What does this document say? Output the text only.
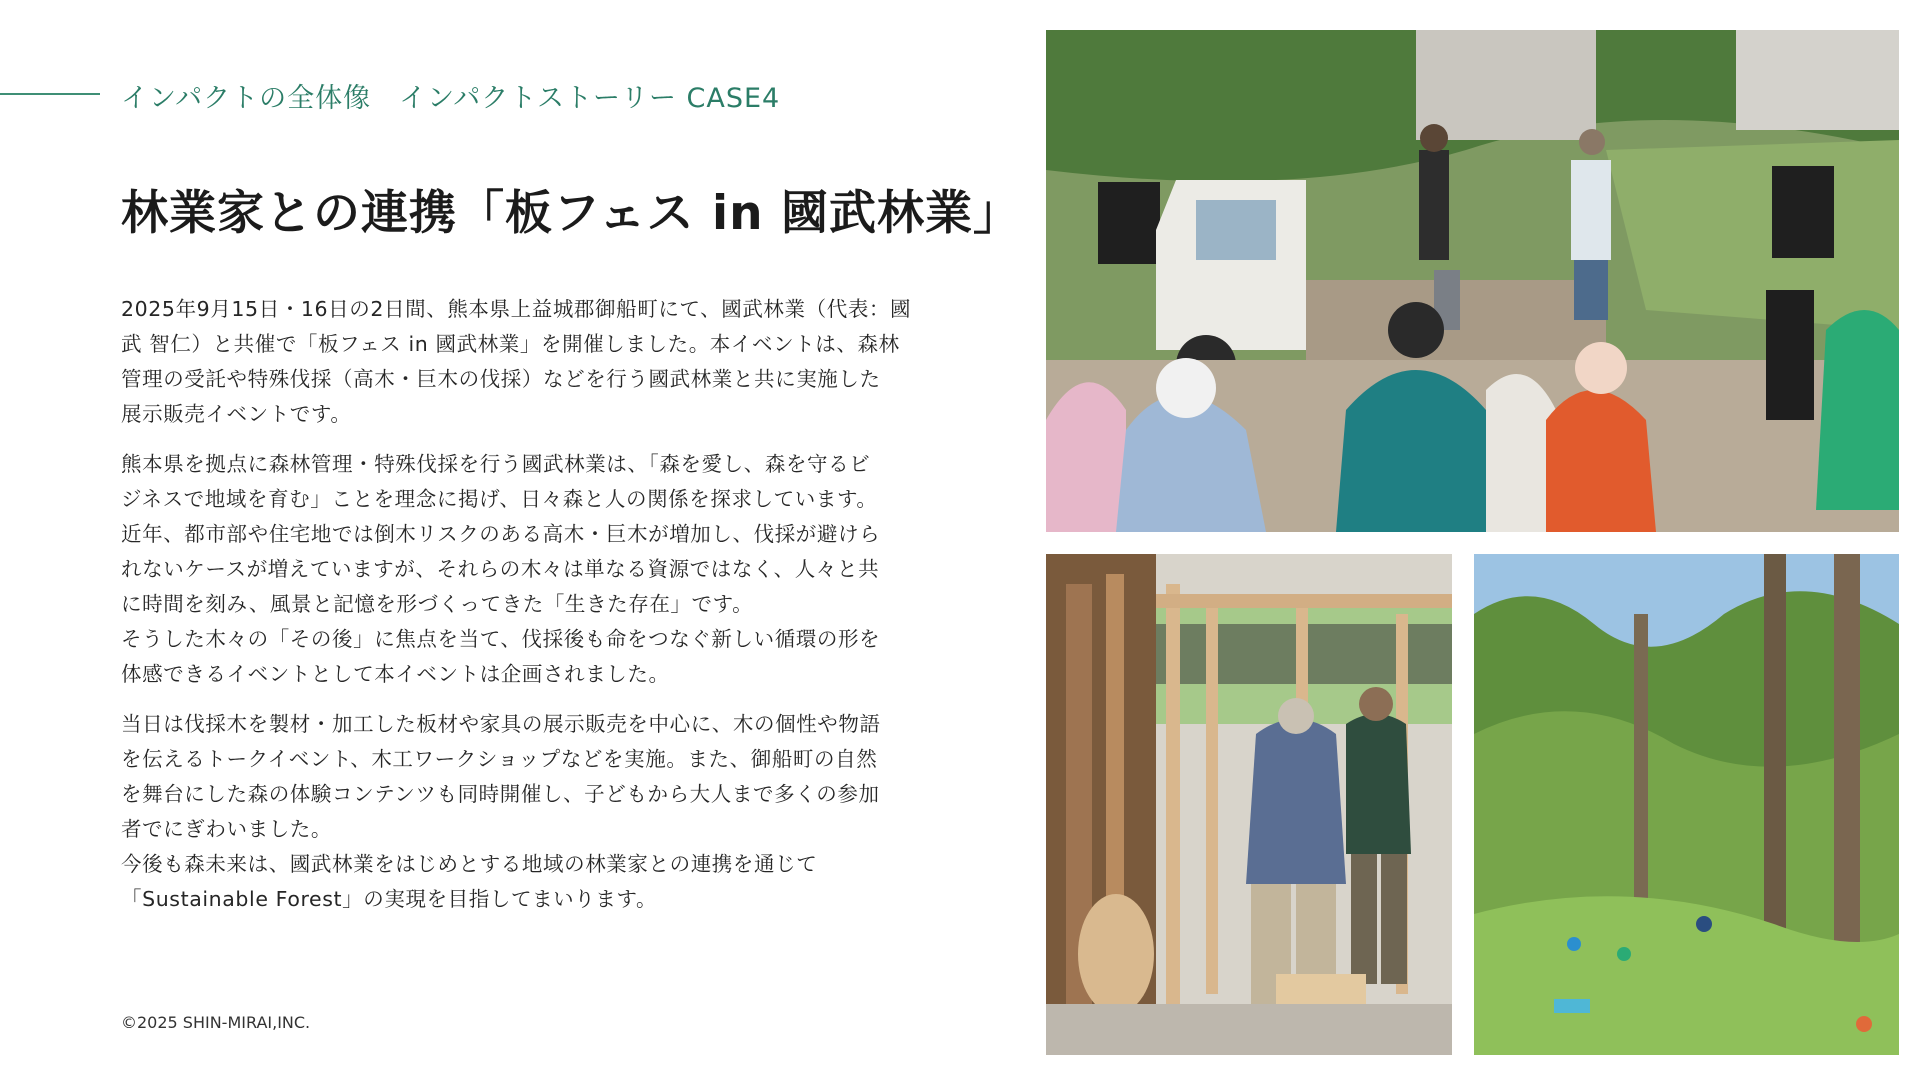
インパクトの全体像　インパクトストーリー CASE4
林業家との連携「板フェス in 國武林業」

2025年9月15日・16日の2日間、熊本県上益城郡御船町にて、國武林業（代表：國
武 智仁）と共催で「板フェス in 國武林業」を開催しました。本イベントは、森林
管理の受託や特殊伐採（高木・巨木の伐採）などを行う國武林業と共に実施した
展示販売イベントです。

熊本県を拠点に森林管理・特殊伐採を行う國武林業は、「森を愛し、森を守るビ
ジネスで地域を育む」ことを理念に掲げ、日々森と人の関係を探求しています。
近年、都市部や住宅地では倒木リスクのある高木・巨木が増加し、伐採が避けら
れないケースが増えていますが、それらの木々は単なる資源ではなく、人々と共
に時間を刻み、風景と記憶を形づくってきた「生きた存在」です。
そうした木々の「その後」に焦点を当て、伐採後も命をつなぐ新しい循環の形を
体感できるイベントとして本イベントは企画されました。

当日は伐採木を製材・加工した板材や家具の展示販売を中心に、木の個性や物語
を伝えるトークイベント、木工ワークショップなどを実施。また、御船町の自然
を舞台にした森の体験コンテンツも同時開催し、子どもから大人まで多くの参加
者でにぎわいました。
今後も森未来は、國武林業をはじめとする地域の林業家との連携を通じて
「Sustainable Forest」の実現を目指してまいります。

©2025 SHIN-MIRAI,INC.
